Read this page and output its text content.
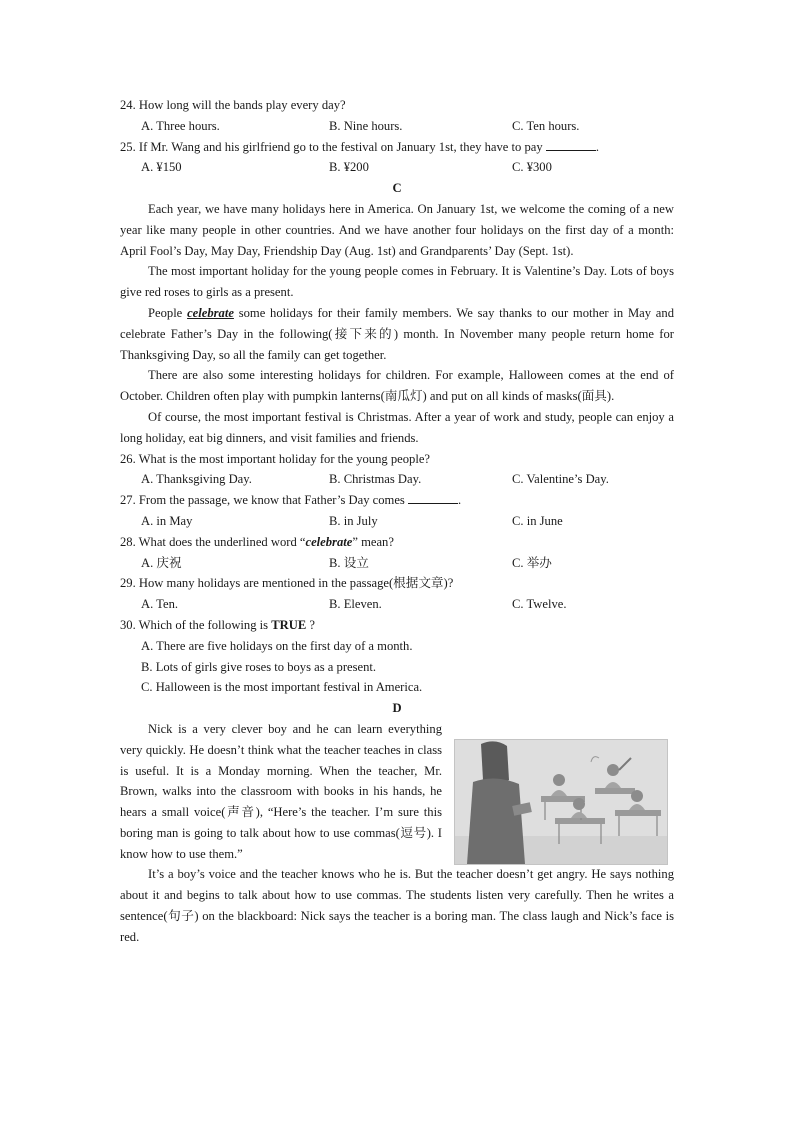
24. How long will the bands play every day?

A. Three hours.	B. Nine hours.	C. Ten hours.

25. If Mr. Wang and his girlfriend go to the festival on January 1st, they have to pay	.

A. ¥150	B. ¥200	C. ¥300

C

Each year, we have many holidays here in America. On January 1st, we welcome the coming of a new year like many people in other countries. And we have another four holidays on the first day of a month: April Fool’s Day, May Day, Friendship Day (Aug. 1st) and Grandparents’ Day (Sept. 1st).

The most important holiday for the young people comes in February. It is Valentine’s Day. Lots of boys give red roses to girls as a present.

People celebrate some holidays for their family members. We say thanks to our mother in May and celebrate Father’s Day in the following(接下来的) month. In November many people return home for Thanksgiving Day, so all the family can get together.

There are also some interesting holidays for children. For example, Halloween comes at the end of October. Children often play with pumpkin lanterns(南瓜灯) and put on all kinds of masks(面具).

Of course, the most important festival is Christmas. After a year of work and study, people can enjoy a long holiday, eat big dinners, and visit families and friends.

26. What is the most important holiday for the young people?

A. Thanksgiving Day.	B. Christmas Day.	C. Valentine’s Day.

27. From the passage, we know that Father’s Day comes	.

A. in May	B. in July	C. in June

28. What does the underlined word “celebrate” mean?

A. 庆祝	B. 设立	C. 举办

29. How many holidays are mentioned in the passage(根据文章)?

A. Ten.	B. Eleven.	C. Twelve.

30. Which of the following is TRUE ?

A. There are five holidays on the first day of a month.

B. Lots of girls give roses to boys as a present.

C. Halloween is the most important festival in America.

D

Nick is a very clever boy and he can learn everything very quickly. He doesn’t think what the teacher teaches in class is useful. It is a Monday morning. When the teacher, Mr. Brown, walks into the classroom with books in his hands, he hears a small voice(声音), “Here’s the teacher. I’m sure this boring man is going to talk about how to use commas(逗号). I know how to use them.”

It’s a boy’s voice and the teacher knows who he is. But the teacher doesn’t get angry. He says nothing about it and begins to talk about how to use commas. The students listen very carefully. Then he writes a sentence(句子) on the blackboard: Nick says the teacher is a boring man. The class laugh and Nick’s face is red.
